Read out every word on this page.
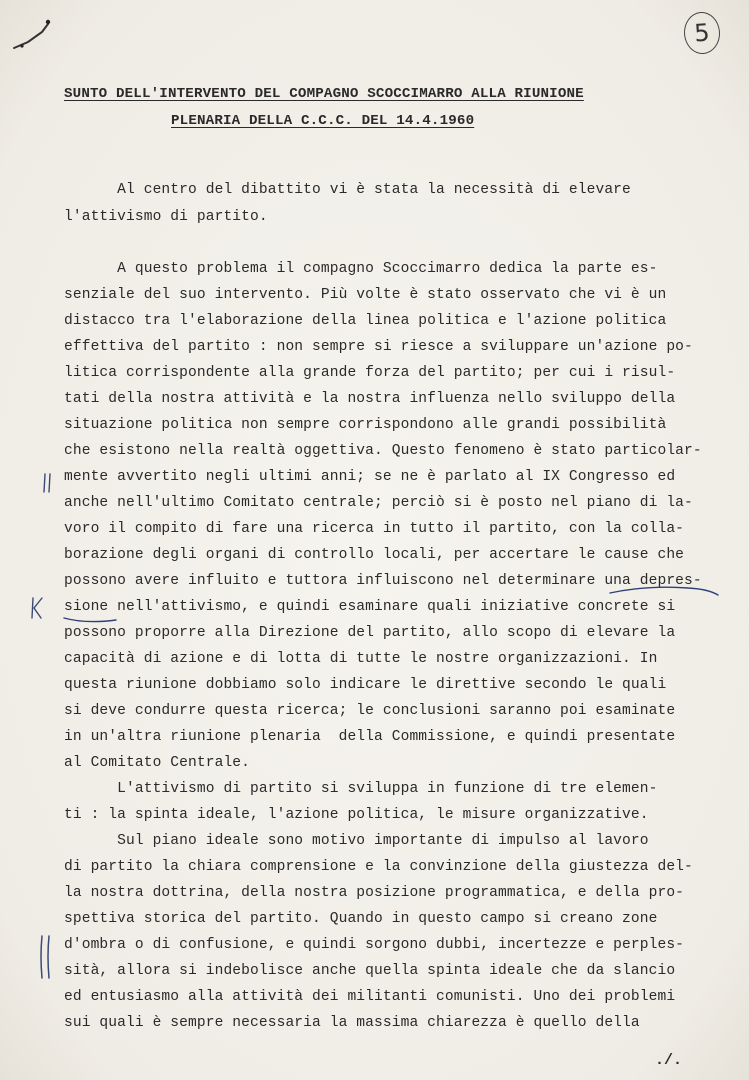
5
SUNTO DELL'INTERVENTO DEL COMPAGNO SCOCCIMARRO ALLA RIUNIONE
PLENARIA DELLA C.C.C. DEL 14.4.1960
Al centro del dibattito vi è stata la necessità di elevare
l'attivismo di partito.
A questo problema il compagno Scoccimarro dedica la parte es-
senziale del suo intervento. Più volte è stato osservato che vi è un
distacco tra l'elaborazione della linea politica e l'azione politica
effettiva del partito : non sempre si riesce a sviluppare un'azione po-
litica corrispondente alla grande forza del partito; per cui i risul-
tati della nostra attività e la nostra influenza nello sviluppo della
situazione politica non sempre corrispondono alle grandi possibilità
che esistono nella realtà oggettiva. Questo fenomeno è stato particolar-
mente avvertito negli ultimi anni; se ne è parlato al IX Congresso ed
anche nell'ultimo Comitato centrale; perciò si è posto nel piano di la-
voro il compito di fare una ricerca in tutto il partito, con la colla-
borazione degli organi di controllo locali, per accertare le cause che
possono avere influito e tuttora influiscono nel determinare una depres-
sione nell'attivismo, e quindi esaminare quali iniziative concrete si
possono proporre alla Direzione del partito, allo scopo di elevare la
capacità di azione e di lotta di tutte le nostre organizzazioni. In
questa riunione dobbiamo solo indicare le direttive secondo le quali
si deve condurre questa ricerca; le conclusioni saranno poi esaminate
in un'altra riunione plenaria  della Commissione, e quindi presentate
al Comitato Centrale.
L'attivismo di partito si sviluppa in funzione di tre elemen-
ti : la spinta ideale, l'azione politica, le misure organizzative.
Sul piano ideale sono motivo importante di impulso al lavoro
di partito la chiara comprensione e la convinzione della giustezza del-
la nostra dottrina, della nostra posizione programmatica, e della pro-
spettiva storica del partito. Quando in questo campo si creano zone
d'ombra o di confusione, e quindi sorgono dubbi, incertezze e perples-
sità, allora si indebolisce anche quella spinta ideale che da slancio
ed entusiasmo alla attività dei militanti comunisti. Uno dei problemi
sui quali è sempre necessaria la massima chiarezza è quello della
./.
